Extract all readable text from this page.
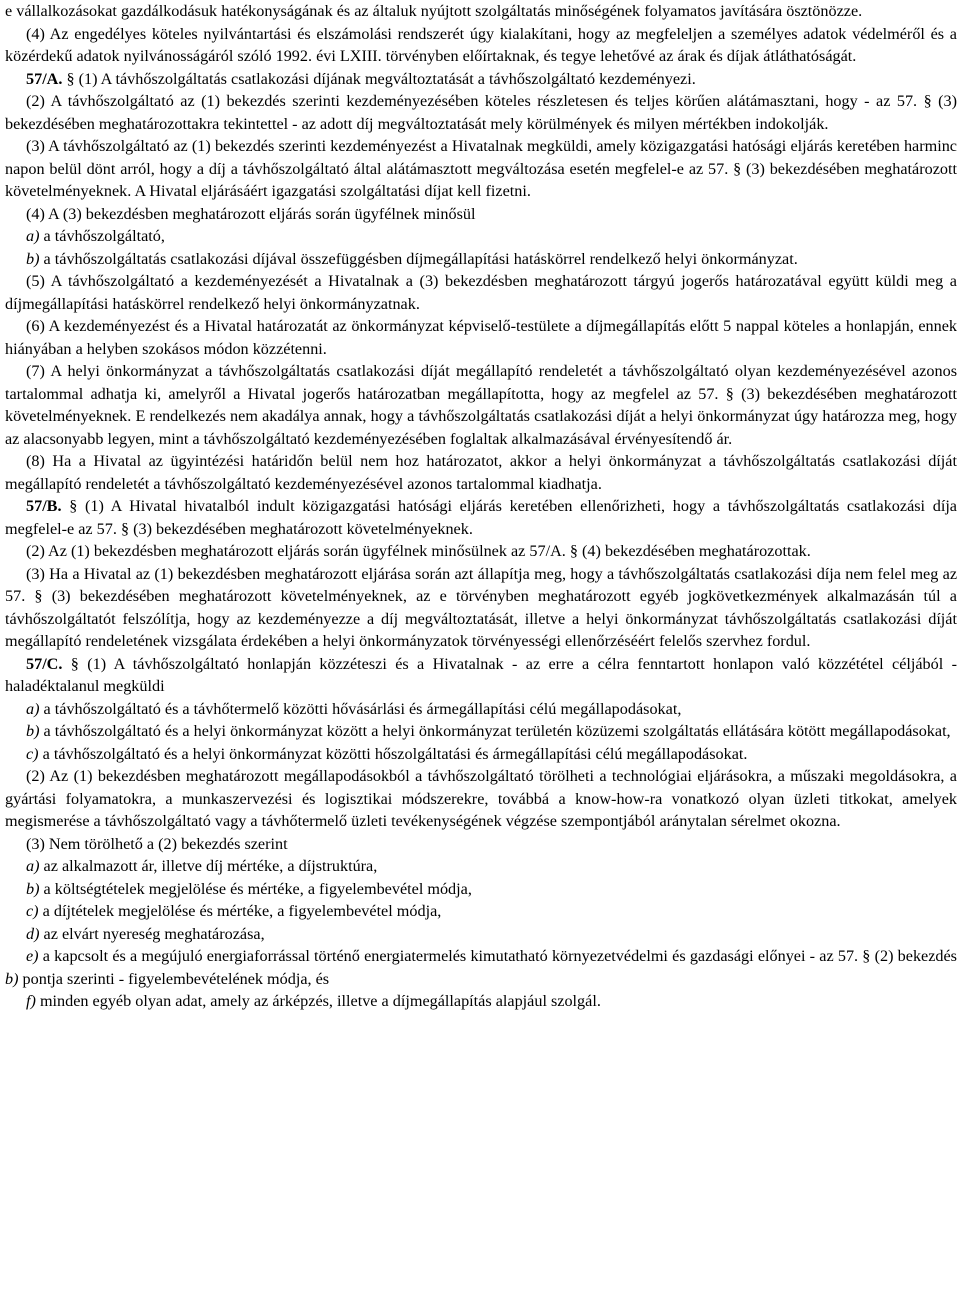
e vállalkozásokat gazdálkodásuk hatékonyságának és az általuk nyújtott szolgáltatás minőségének folyamatos javítására ösztönözze.

(4) Az engedélyes köteles nyilvántartási és elszámolási rendszerét úgy kialakítani, hogy az megfeleljen a személyes adatok védelméről és a közérdekű adatok nyilvánosságáról szóló 1992. évi LXIII. törvényben előírtaknak, és tegye lehetővé az árak és díjak átláthatóságát.

57/A. § (1) A távhőszolgáltatás csatlakozási díjának megváltoztatását a távhőszolgáltató kezdeményezi.

(2) A távhőszolgáltató az (1) bekezdés szerinti kezdeményezésében köteles részletesen és teljes körűen alátámasztani, hogy - az 57. § (3) bekezdésében meghatározottakra tekintettel - az adott díj megváltoztatását mely körülmények és milyen mértékben indokolják.

(3) A távhőszolgáltató az (1) bekezdés szerinti kezdeményezést a Hivatalnak megküldi, amely közigazgatási hatósági eljárás keretében harminc napon belül dönt arról, hogy a díj a távhőszolgáltató által alátámasztott megváltozása esetén megfelel-e az 57. § (3) bekezdésében meghatározott követelményeknek. A Hivatal eljárásáért igazgatási szolgáltatási díjat kell fizetni.

(4) A (3) bekezdésben meghatározott eljárás során ügyfélnek minősül

a) a távhőszolgáltató,

b) a távhőszolgáltatás csatlakozási díjával összefüggésben díjmegállapítási hatáskörrel rendelkező helyi önkormányzat.

(5) A távhőszolgáltató a kezdeményezését a Hivatalnak a (3) bekezdésben meghatározott tárgyú jogerős határozatával együtt küldi meg a díjmegállapítási hatáskörrel rendelkező helyi önkormányzatnak.

(6) A kezdeményezést és a Hivatal határozatát az önkormányzat képviselő-testülete a díjmegállapítás előtt 5 nappal köteles a honlapján, ennek hiányában a helyben szokásos módon közzétenni.

(7) A helyi önkormányzat a távhőszolgáltatás csatlakozási díját megállapító rendeletét a távhőszolgáltató olyan kezdeményezésével azonos tartalommal adhatja ki, amelyről a Hivatal jogerős határozatban megállapította, hogy az megfelel az 57. § (3) bekezdésében meghatározott követelményeknek. E rendelkezés nem akadálya annak, hogy a távhőszolgáltatás csatlakozási díját a helyi önkormányzat úgy határozza meg, hogy az alacsonyabb legyen, mint a távhőszolgáltató kezdeményezésében foglaltak alkalmazásával érvényesítendő ár.

(8) Ha a Hivatal az ügyintézési határidőn belül nem hoz határozatot, akkor a helyi önkormányzat a távhőszolgáltatás csatlakozási díját megállapító rendeletét a távhőszolgáltató kezdeményezésével azonos tartalommal kiadhatja.

57/B. § (1) A Hivatal hivatalból indult közigazgatási hatósági eljárás keretében ellenőrizheti, hogy a távhőszolgáltatás csatlakozási díja megfelel-e az 57. § (3) bekezdésében meghatározott követelményeknek.

(2) Az (1) bekezdésben meghatározott eljárás során ügyfélnek minősülnek az 57/A. § (4) bekezdésében meghatározottak.

(3) Ha a Hivatal az (1) bekezdésben meghatározott eljárása során azt állapítja meg, hogy a távhőszolgáltatás csatlakozási díja nem felel meg az 57. § (3) bekezdésében meghatározott követelményeknek, az e törvényben meghatározott egyéb jogkövetkezmények alkalmazásán túl a távhőszolgáltatót felszólítja, hogy az kezdeményezze a díj megváltoztatását, illetve a helyi önkormányzat távhőszolgáltatás csatlakozási díját megállapító rendeletének vizsgálata érdekében a helyi önkormányzatok törvényességi ellenőrzéséért felelős szervhez fordul.

57/C. § (1) A távhőszolgáltató honlapján közzéteszi és a Hivatalnak - az erre a célra fenntartott honlapon való közzététel céljából - haladéktalanul megküldi

a) a távhőszolgáltató és a távhőtermelő közötti hővásárlási és ármegállapítási célú megállapodásokat,

b) a távhőszolgáltató és a helyi önkormányzat között a helyi önkormányzat területén közüzemi szolgáltatás ellátására kötött megállapodásokat,

c) a távhőszolgáltató és a helyi önkormányzat közötti hőszolgáltatási és ármegállapítási célú megállapodásokat.

(2) Az (1) bekezdésben meghatározott megállapodásokból a távhőszolgáltató törölheti a technológiai eljárásokra, a műszaki megoldásokra, a gyártási folyamatokra, a munkaszervezési és logisztikai módszerekre, továbbá a know-how-ra vonatkozó olyan üzleti titkokat, amelyek megismerése a távhőszolgáltató vagy a távhőtermelő üzleti tevékenységének végzése szempontjából aránytalan sérelmet okozna.

(3) Nem törölhető a (2) bekezdés szerint

a) az alkalmazott ár, illetve díj mértéke, a díjstruktúra,

b) a költségtételek megjelölése és mértéke, a figyelembevétel módja,

c) a díjtételek megjelölése és mértéke, a figyelembevétel módja,

d) az elvárt nyereség meghatározása,

e) a kapcsolt és a megújuló energiaforrással történő energiatermelés kimutatható környezetvédelmi és gazdasági előnyei - az 57. § (2) bekezdés b) pontja szerinti - figyelembevételének módja, és

f) minden egyéb olyan adat, amely az árképzés, illetve a díjmegállapítás alapjául szolgál.
